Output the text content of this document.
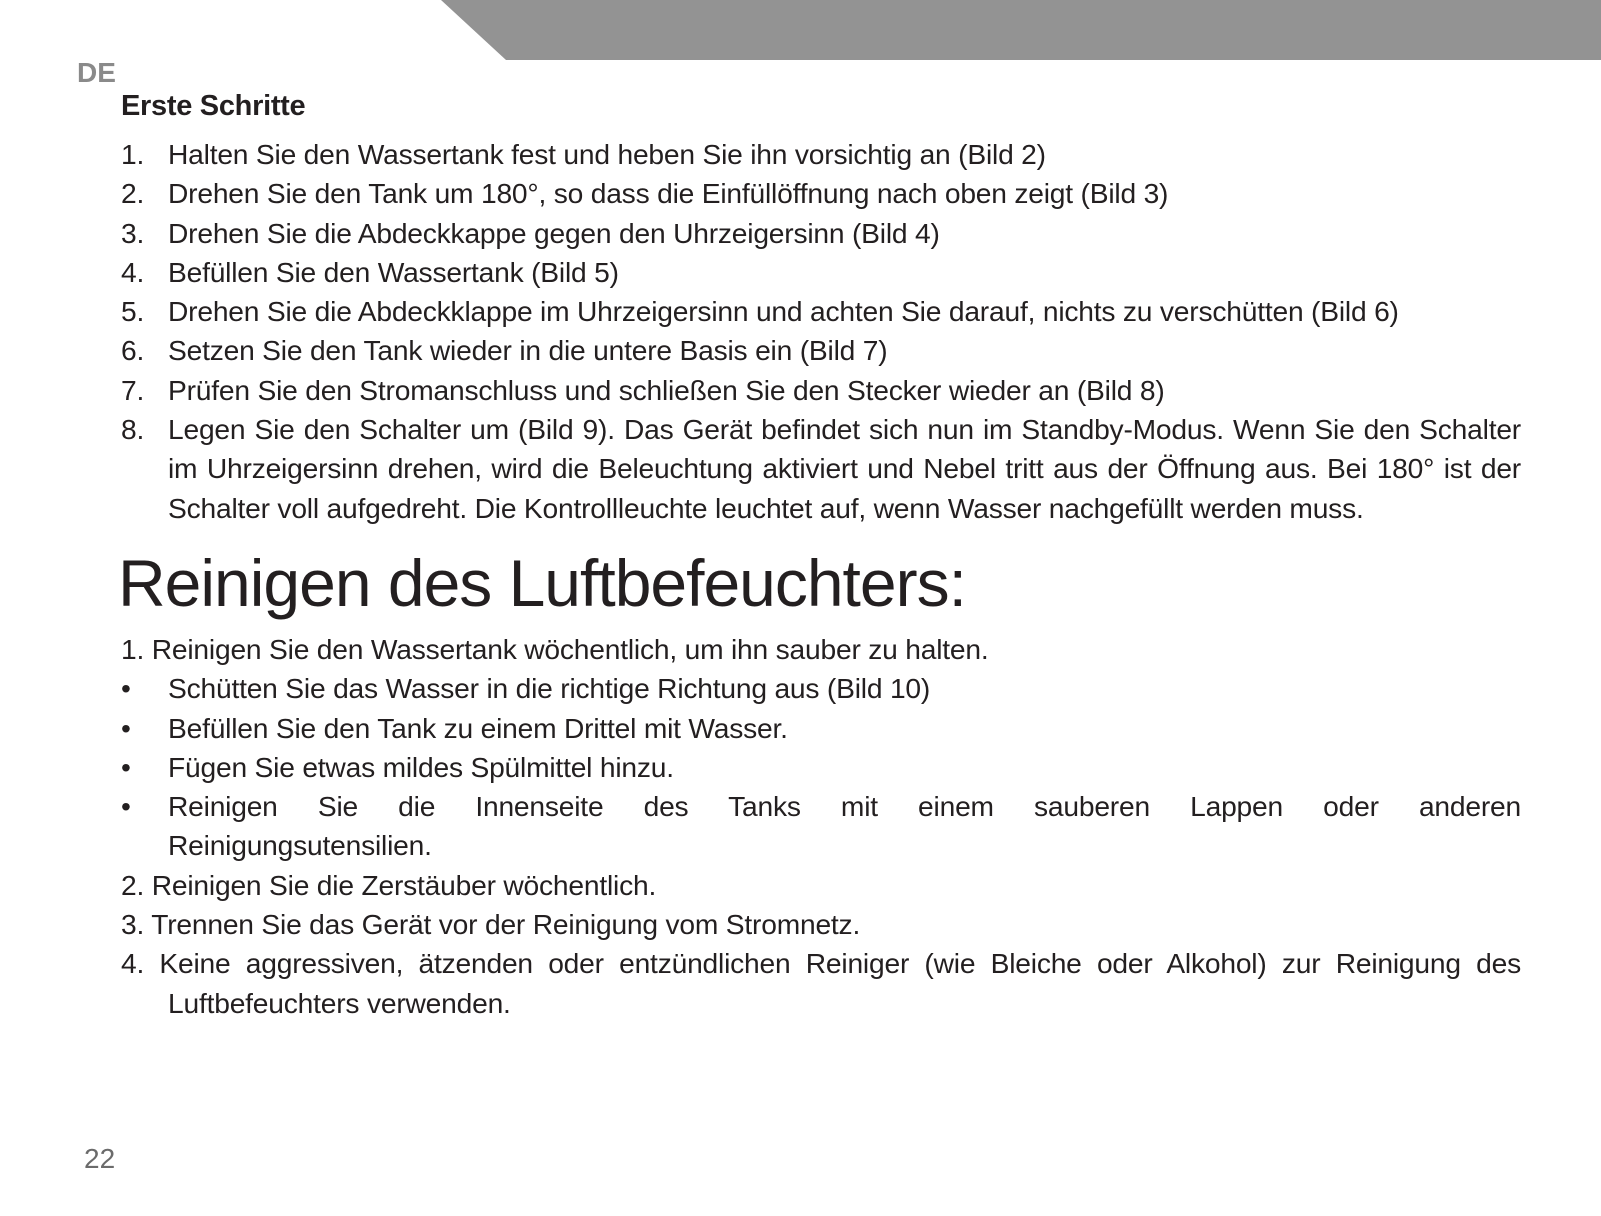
DE
Erste Schritte
1. Halten Sie den Wassertank fest und heben Sie ihn vorsichtig an (Bild 2)
2. Drehen Sie den Tank um 180°, so dass die Einfüllöffnung nach oben zeigt (Bild 3)
3. Drehen Sie die Abdeckkappe gegen den Uhrzeigersinn (Bild 4)
4. Befüllen Sie den Wassertank (Bild 5)
5. Drehen Sie die Abdeckklappe im Uhrzeigersinn und achten Sie darauf, nichts zu verschütten (Bild 6)
6. Setzen Sie den Tank wieder in die untere Basis ein (Bild 7)
7. Prüfen Sie den Stromanschluss und schließen Sie den Stecker wieder an (Bild 8)
8. Legen Sie den Schalter um (Bild 9). Das Gerät befindet sich nun im Standby-Modus. Wenn Sie den Schalter im Uhrzeigersinn drehen, wird die Beleuchtung aktiviert und Nebel tritt aus der Öffnung aus. Bei 180° ist der Schalter voll aufgedreht. Die Kontrollleuchte leuchtet auf, wenn Wasser nachgefüllt werden muss.
Reinigen des Luftbefeuchters:
1. Reinigen Sie den Wassertank wöchentlich, um ihn sauber zu halten.
• Schütten Sie das Wasser in die richtige Richtung aus (Bild 10)
• Befüllen Sie den Tank zu einem Drittel mit Wasser.
• Fügen Sie etwas mildes Spülmittel hinzu.
• Reinigen Sie die Innenseite des Tanks mit einem sauberen Lappen oder anderen
Reinigungsutensilien.
2. Reinigen Sie die Zerstäuber wöchentlich.
3. Trennen Sie das Gerät vor der Reinigung vom Stromnetz.
4. Keine aggressiven, ätzenden oder entzündlichen Reiniger (wie Bleiche oder Alkohol) zur Reinigung des Luftbefeuchters verwenden.
22
